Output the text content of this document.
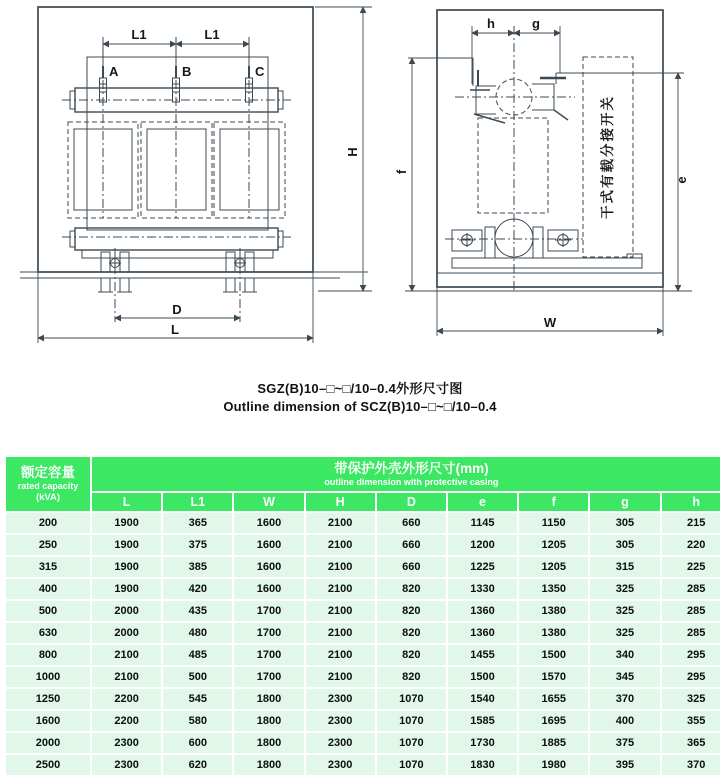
L1	L1
A	B	C
H
D
L
h	g
f
e
W
干式有载分接开关
SGZ(B)10–□~□/10–0.4外形尺寸图
Outline dimension of SCZ(B)10–□~□/10–0.4
额定容量
rated capacity
(kVA)	带保护外壳外形尺寸(mm)
outline dimension with protective casing								

	L	L1	W	H	D	e	f	g	h
200	1900	365	1600	2100	660	1145	1150	305	215
250	1900	375	1600	2100	660	1200	1205	305	220
315	1900	385	1600	2100	660	1225	1205	315	225
400	1900	420	1600	2100	820	1330	1350	325	285
500	2000	435	1700	2100	820	1360	1380	325	285
630	2000	480	1700	2100	820	1360	1380	325	285
800	2100	485	1700	2100	820	1455	1500	340	295
1000	2100	500	1700	2100	820	1500	1570	345	295
1250	2200	545	1800	2300	1070	1540	1655	370	325
1600	2200	580	1800	2300	1070	1585	1695	400	355
2000	2300	600	1800	2300	1070	1730	1885	375	365
2500	2300	620	1800	2300	1070	1830	1980	395	370
